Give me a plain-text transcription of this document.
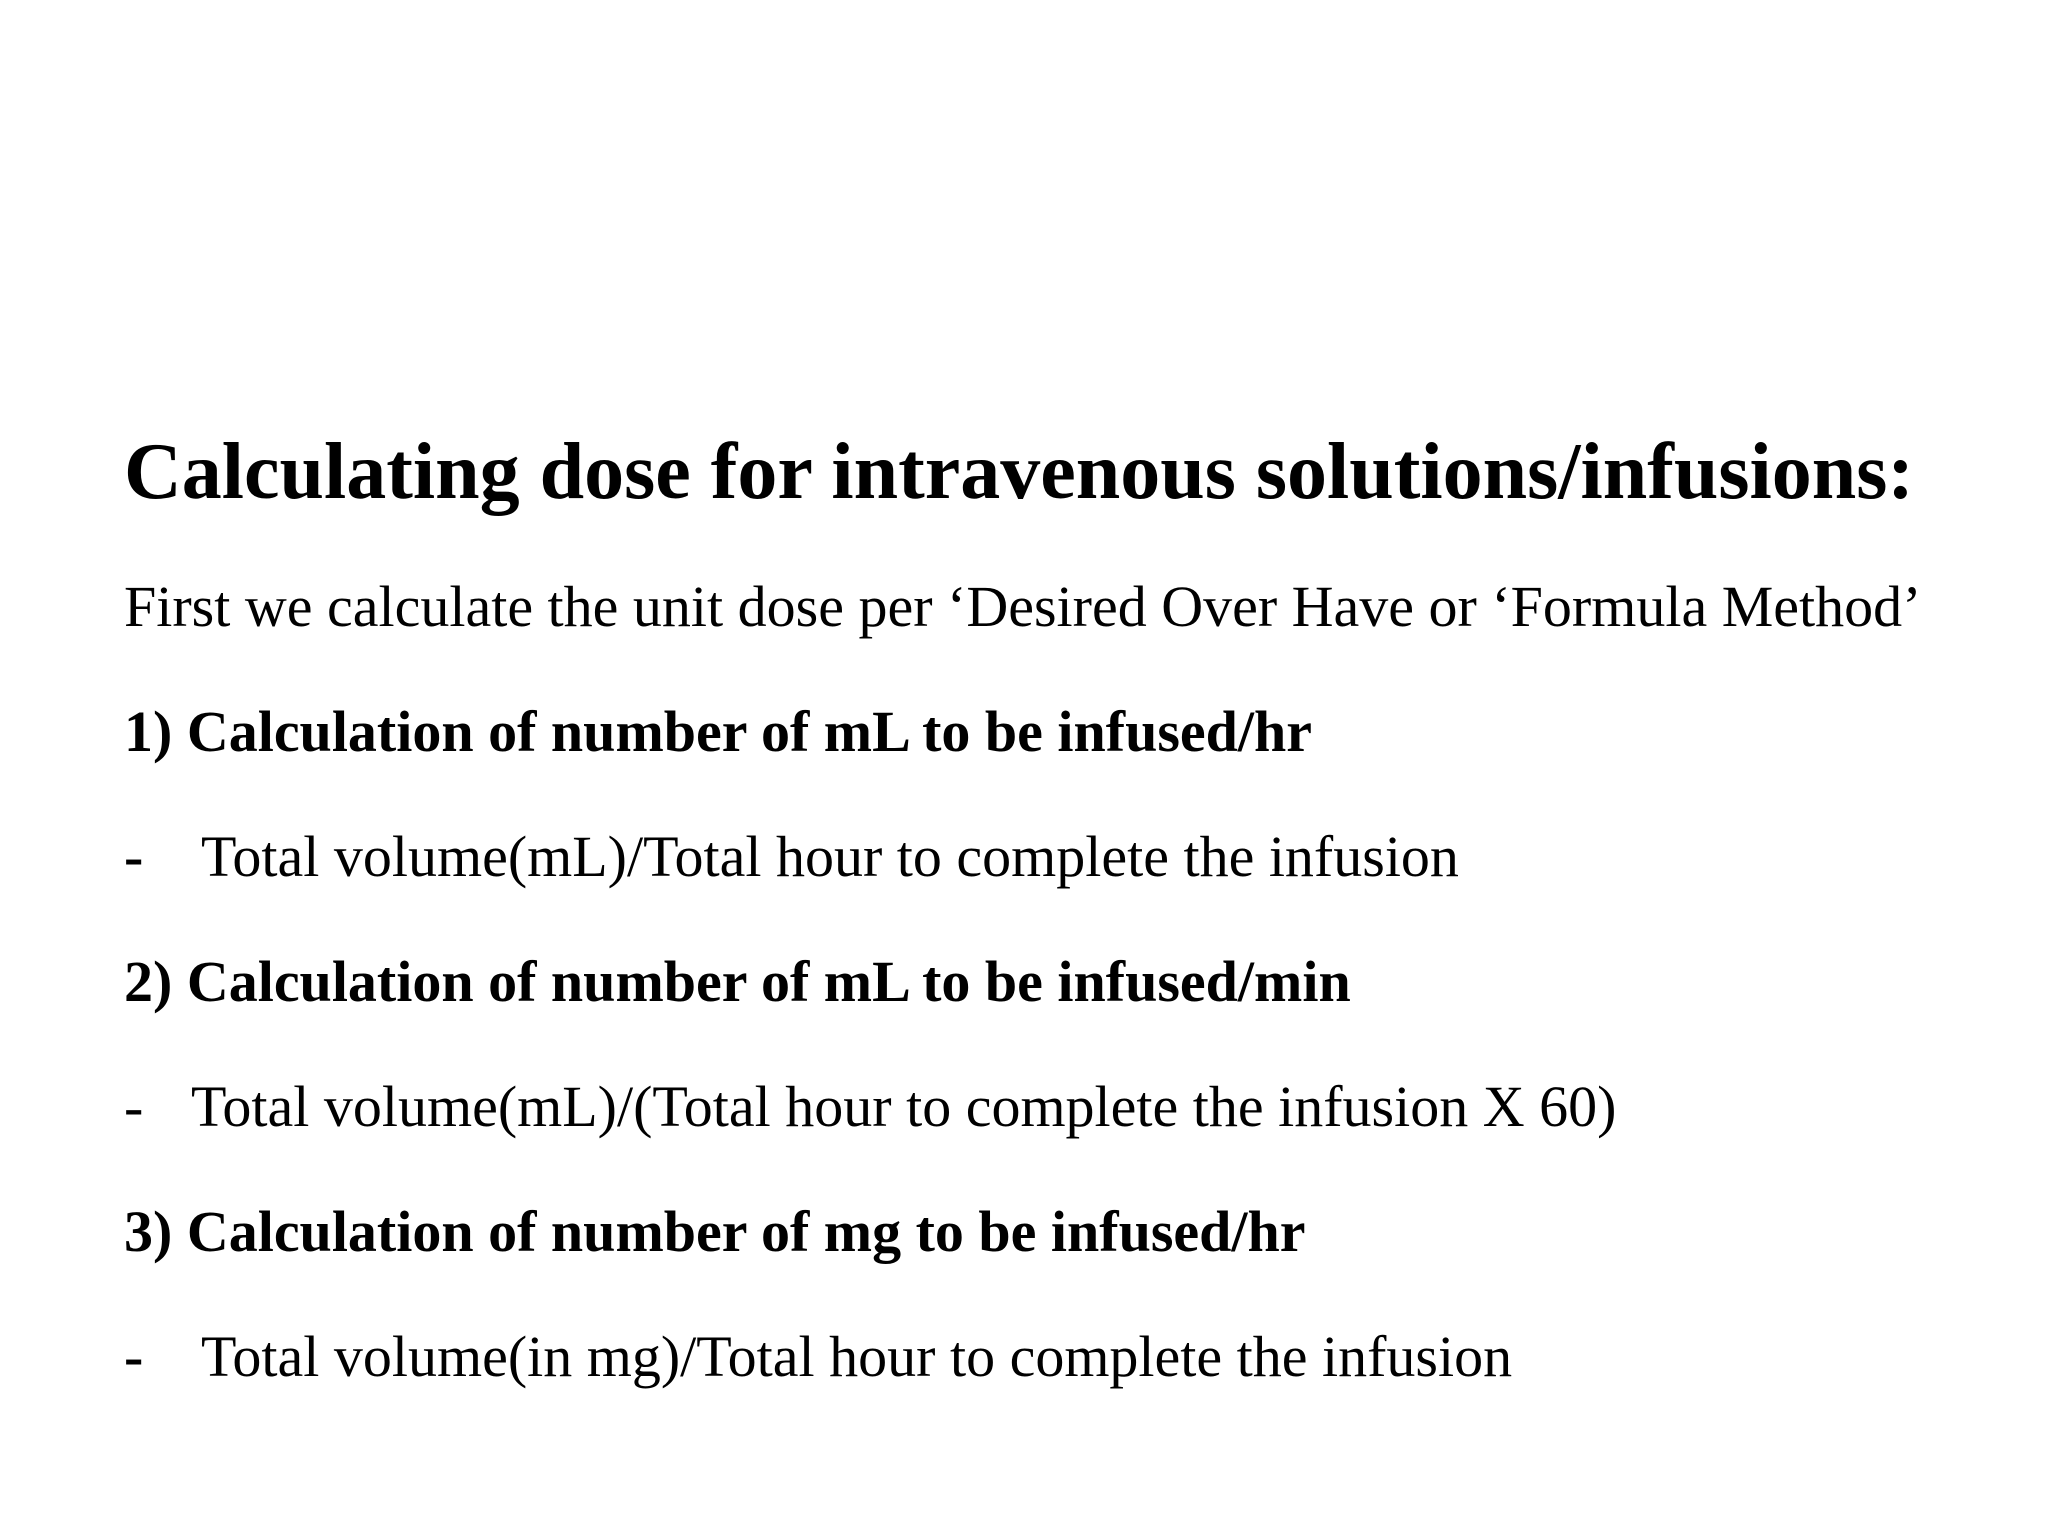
Calculating dose for intravenous solutions/infusions:
First we calculate the unit dose per ‘Desired Over Have or ‘Formula Method’
1) Calculation of number of mL to be infused/hr
- Total volume(mL)/Total hour to complete the infusion
2) Calculation of number of mL to be infused/min
- Total volume(mL)/(Total hour to complete the infusion X 60)
3) Calculation of number of mg to be infused/hr
- Total volume(in mg)/Total hour to complete the infusion
